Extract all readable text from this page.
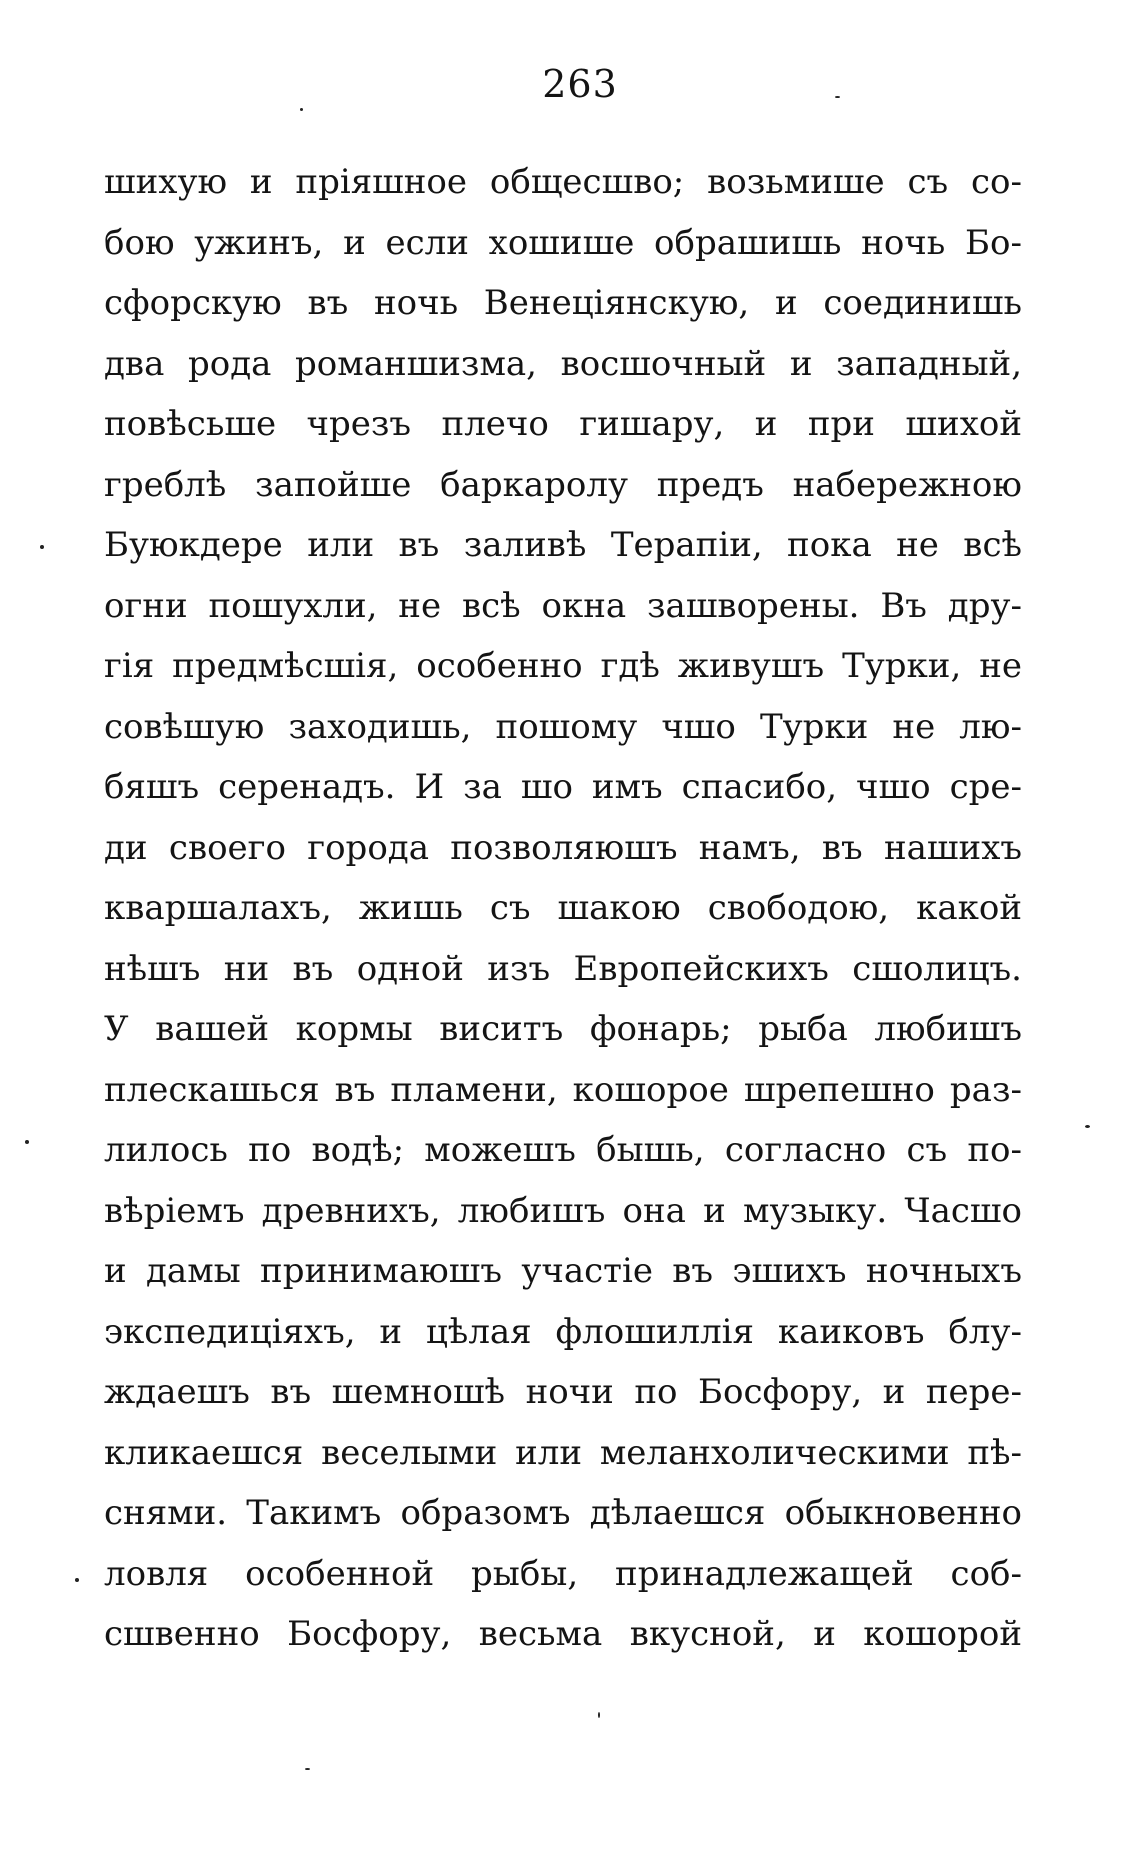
263
шихую и пріяшное общесшво; возьмише съ со-
бою ужинъ, и если хошише обрашишь ночь Бо-
сфорскую въ ночь Венеціянскую, и соединишь
два рода романшизма, восшочный и западный,
повѣсьше чрезъ плечо гишару, и при шихой
греблѣ запойше баркаролу предъ набережною
Буюкдере или въ заливѣ Терапіи, пока не всѣ
огни пошухли, не всѣ окна зашворены. Въ дру-
гія предмѣсшія, особенно гдѣ живушъ Турки, не
совѣшую заходишь, пошому чшо Турки не лю-
бяшъ серенадъ. И за шо имъ спасибо, чшо сре-
ди своего города позволяюшъ намъ, въ нашихъ
кваршалахъ, жишь съ шакою свободою, какой
нѣшъ ни въ одной изъ Европейскихъ сшолицъ.
У вашей кормы виситъ фонарь; рыба любишъ
плескашься въ пламени, кошорое шрепешно раз-
лилось по водѣ; можешъ бышь, согласно съ по-
вѣріемъ древнихъ, любишъ она и музыку. Часшо
и дамы принимаюшъ участіе въ эшихъ ночныхъ
экспедиціяхъ, и цѣлая флошиллія каиковъ блу-
ждаешъ въ шемношѣ ночи по Босфору, и пере-
кликаешся веселыми или меланхолическими пѣ-
снями. Такимъ образомъ дѣлаешся обыкновенно
ловля особенной рыбы, принадлежащей соб-
сшвенно Босфору, весьма вкусной, и кошорой
